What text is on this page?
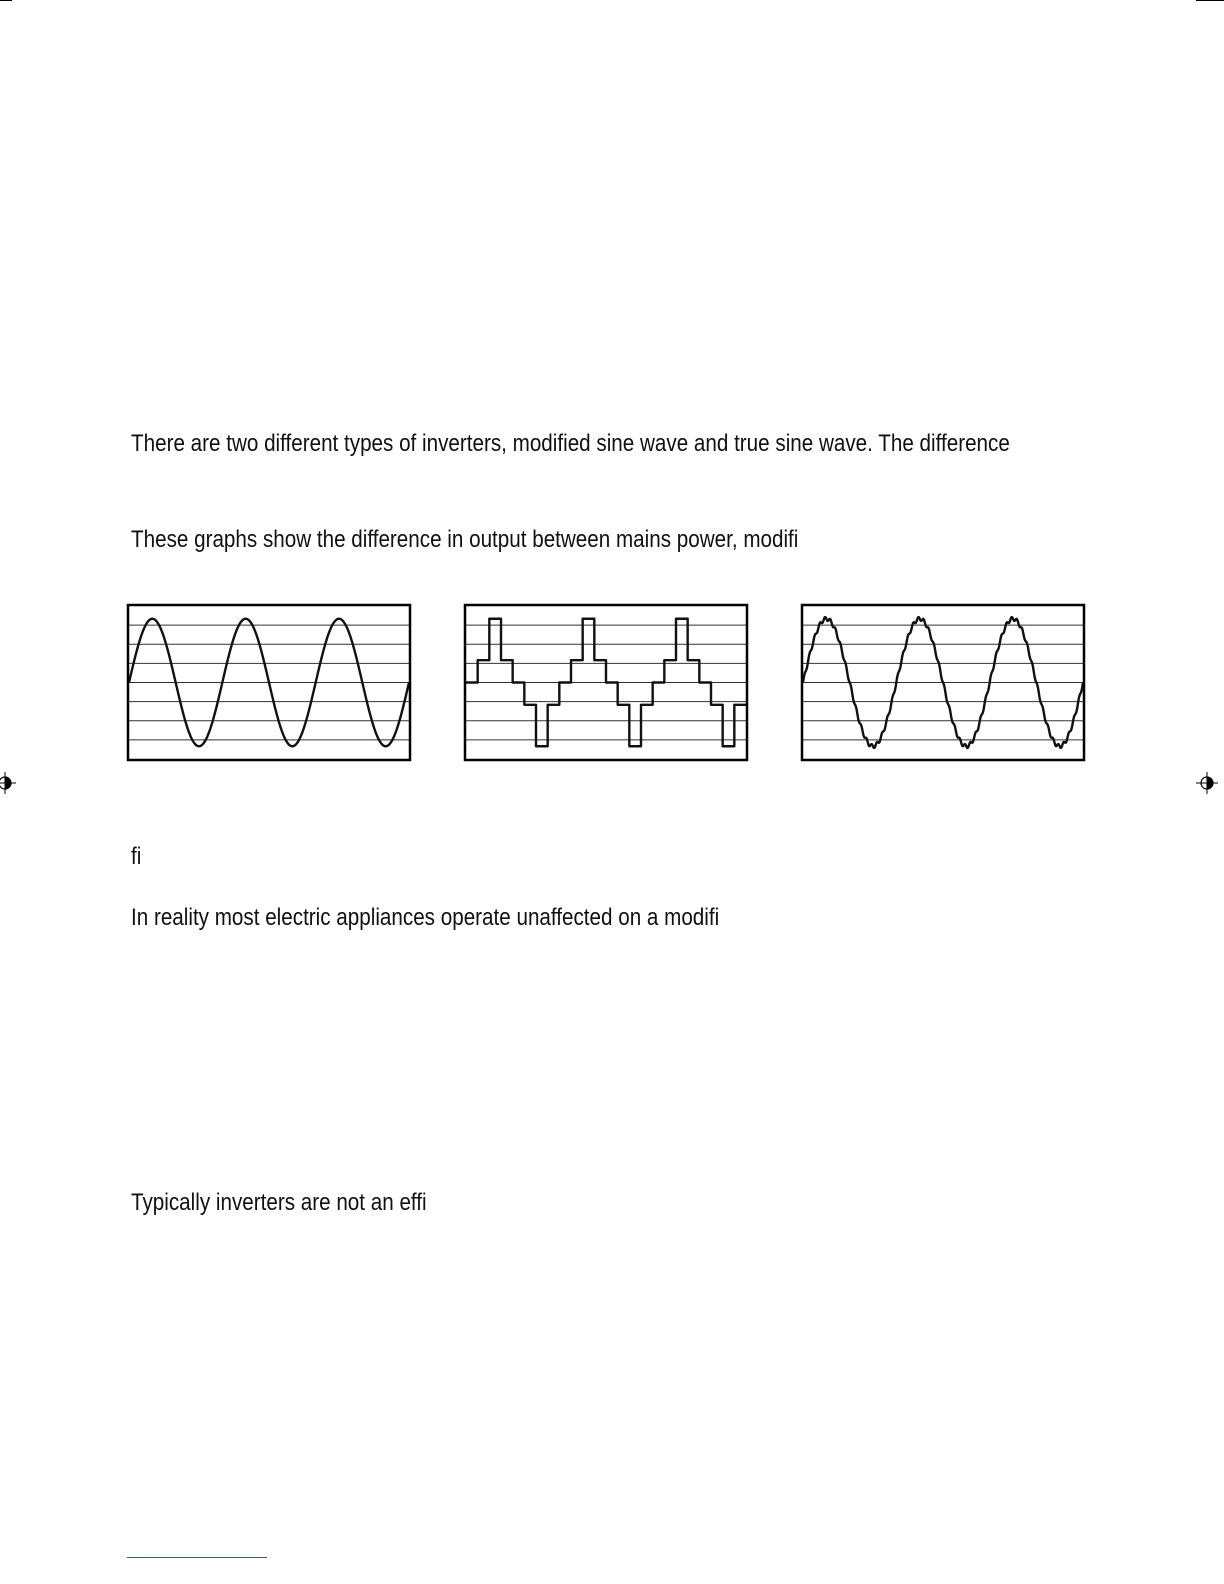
There are two different types of inverters, modified sine wave and true sine wave. The difference

These graphs show the difference in output between mains power, modifi

fi

In reality most electric appliances operate unaffected on a modifi

Typically inverters are not an effi
